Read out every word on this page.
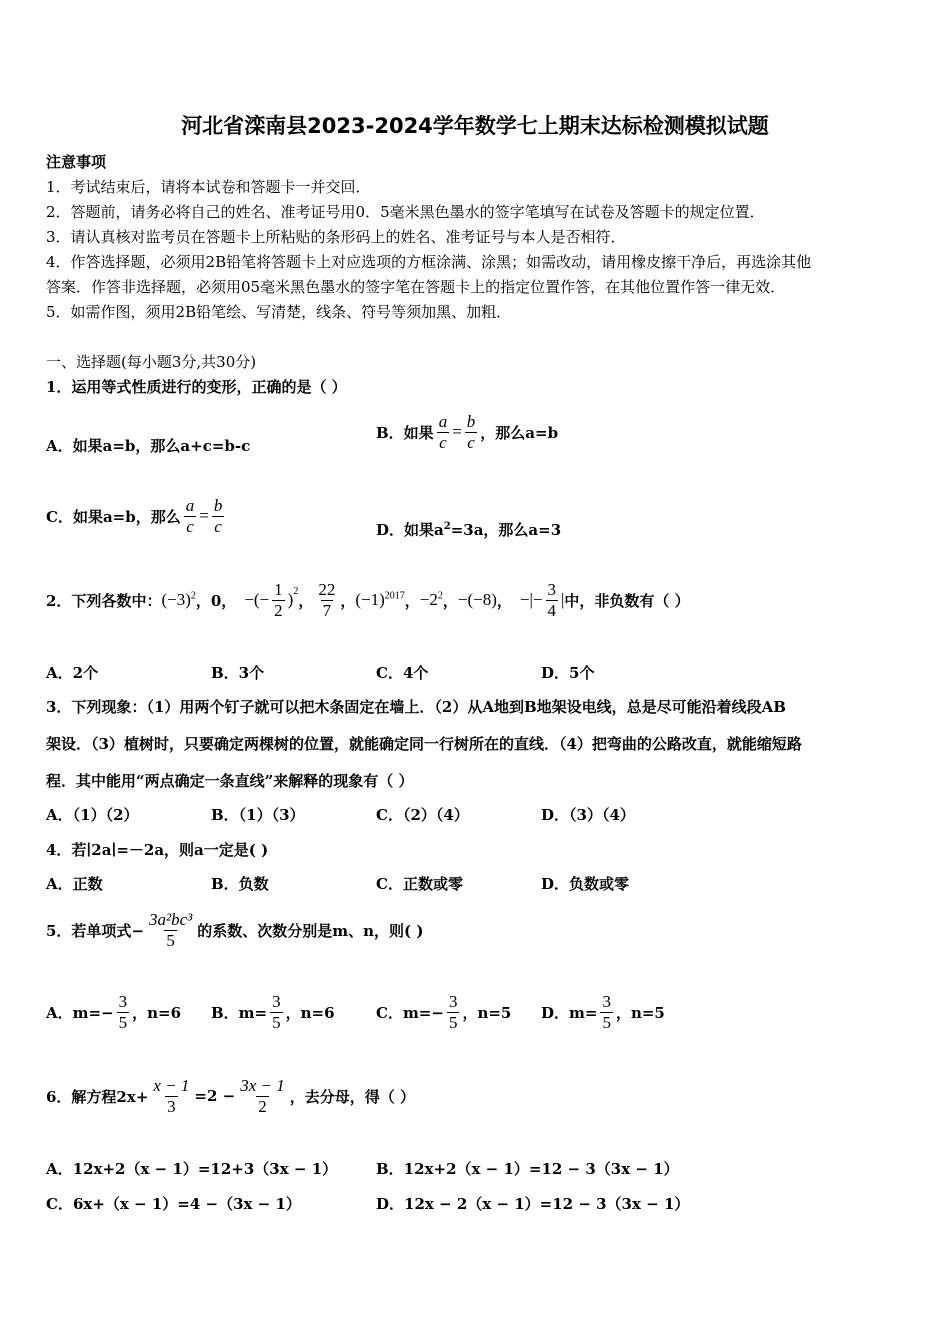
河北省滦南县2023-2024学年数学七上期末达标检测模拟试题
注意事项
1．考试结束后，请将本试卷和答题卡一并交回．
2．答题前，请务必将自己的姓名、准考证号用0．5毫米黑色墨水的签字笔填写在试卷及答题卡的规定位置．
3．请认真核对监考员在答题卡上所粘贴的条形码上的姓名、准考证号与本人是否相符．
4．作答选择题，必须用2B铅笔将答题卡上对应选项的方框涂满、涂黑；如需改动，请用橡皮擦干净后，再选涂其他
答案．作答非选择题，必须用05毫米黑色墨水的签字笔在答题卡上的指定位置作答，在其他位置作答一律无效．
5．如需作图，须用2B铅笔绘、写清楚，线条、符号等须加黑、加粗．
一、选择题(每小题3分,共30分)
1．运用等式性质进行的变形，正确的是（ ）
A．如果a=b，那么a+c=b-c
B．如果 $\frac{a}{c} = \frac{b}{c}$ ，那么a=b
C．如果a=b，那么 $\frac{a}{c} = \frac{b}{c}$	D．如果$a^2=3a$，那么a=3
2．下列各数中： $(-3)^2$ ，0， −(− $\frac{1}{2} )^2$
， $\frac{22}{7}$ ， $(-1)^{2017}$ ， $-2^2$ ， −(−8) ， −|− $\frac{3}{4}$ | 中，非负数有（ ）
A．2个	B．3个	C．4个	D．5个
3．下列现象：（1）用两个钉子就可以把木条固定在墙上．（2）从A地到B地架设电线，总是尽可能沿着线段AB
架设．（3）植树时，只要确定两棵树的位置，就能确定同一行树所在的直线．（4）把弯曲的公路改直，就能缩短路
程．其中能用“两点确定一条直线”来解释的现象有（ ）
A．（1）（2）	B．（1）（3）	C．（2）（4）	D．（3）（4）
4．若∣2a∣=－2a，则a一定是( )
A．正数	B．负数	C．正数或零	D．负数或零
5．若单项式− $\frac{\text{3a²bc³}}{5}$ 的系数、次数分别是m、n，则( )
A．$m=- \frac{3}{5}$ ，n=6 B．$m= \frac{3}{5}$ ，n=6	C．$m=- \frac{3}{5}$ ，n=5 D．$m= \frac{3}{5}$ ，n=5
6．解方程$2x+ \frac{x - 1}{3} =2 - \frac{3x - 1}{2}$ ，去分母，得（ ）
A．12x+2（x − 1）=12+3（3x − 1）	B．12x+2（x − 1）=12 − 3（3x − 1）
C．6x+（x − 1）=4 −（3x − 1）	D．12x − 2（x − 1）=12 − 3（3x − 1）
